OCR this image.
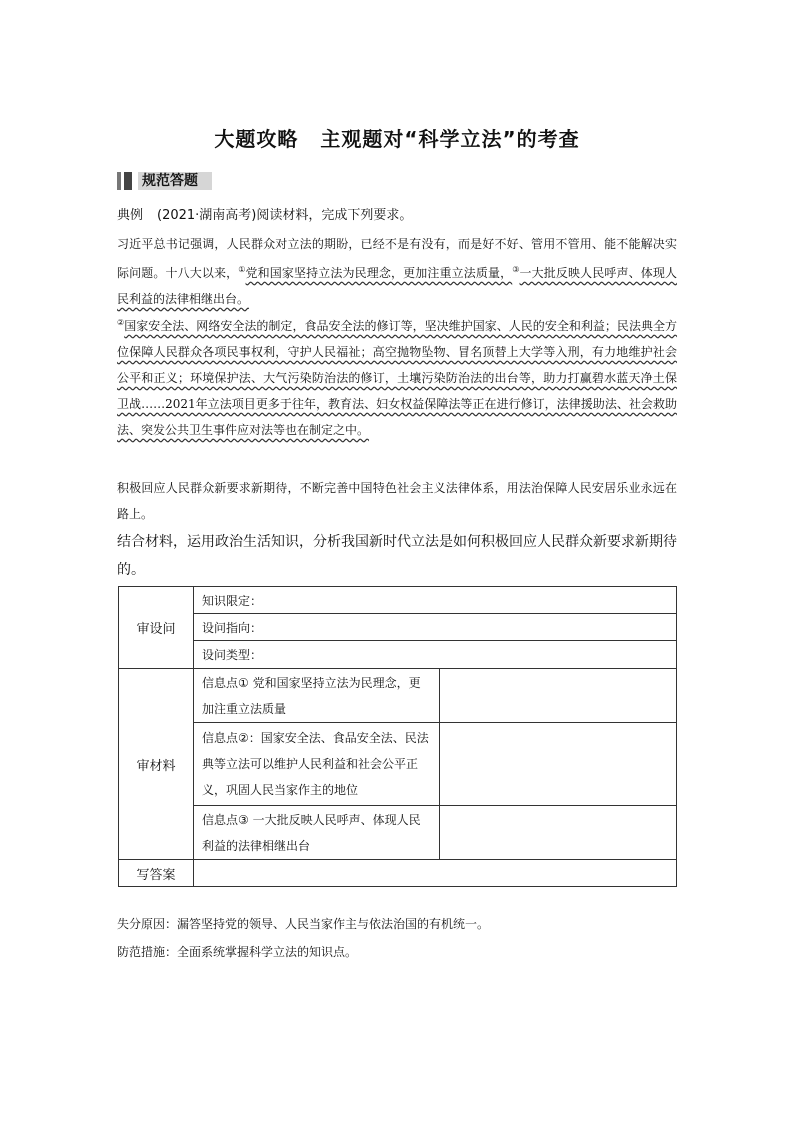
大题攻略 主观题对“科学立法”的考查
规范答题
典例 (2021·湖南高考)阅读材料，完成下列要求。
习近平总书记强调，人民群众对立法的期盼，已经不是有没有，而是好不好、管用不管用、能不能解决实际问题。十八大以来，①党和国家坚持立法为民理念，更加注重立法质量，③一大批反映人民呼声、体现人民利益的法律相继出台。
②国家安全法、网络安全法的制定，食品安全法的修订等，坚决维护国家、人民的安全和利益；民法典全方位保障人民群众各项民事权利，守护人民福祉；高空抛物坠物、冒名顶替上大学等入刑，有力地维护社会公平和正义；环境保护法、大气污染防治法的修订，土壤污染防治法的出台等，助力打赢碧水蓝天净土保卫战……2021年立法项目更多于往年，教育法、妇女权益保障法等正在进行修订，法律援助法、社会救助法、突发公共卫生事件应对法等也在制定之中。
积极回应人民群众新要求新期待，不断完善中国特色社会主义法律体系，用法治保障人民安居乐业永远在路上。
结合材料，运用政治生活知识，分析我国新时代立法是如何积极回应人民群众新要求新期待的。
审设问	知识限定：	
	设问指向：	
	设问类型：	
审材料	信息点① 党和国家坚持立法为民理念，更加注重立法质量	
	信息点②：国家安全法、食品安全法、民法典等立法可以维护人民利益和社会公平正义，巩固人民当家作主的地位	
	信息点③ 一大批反映人民呼声、体现人民利益的法律相继出台	
写答案		
失分原因：漏答坚持党的领导、人民当家作主与依法治国的有机统一。
防范措施：全面系统掌握科学立法的知识点。
